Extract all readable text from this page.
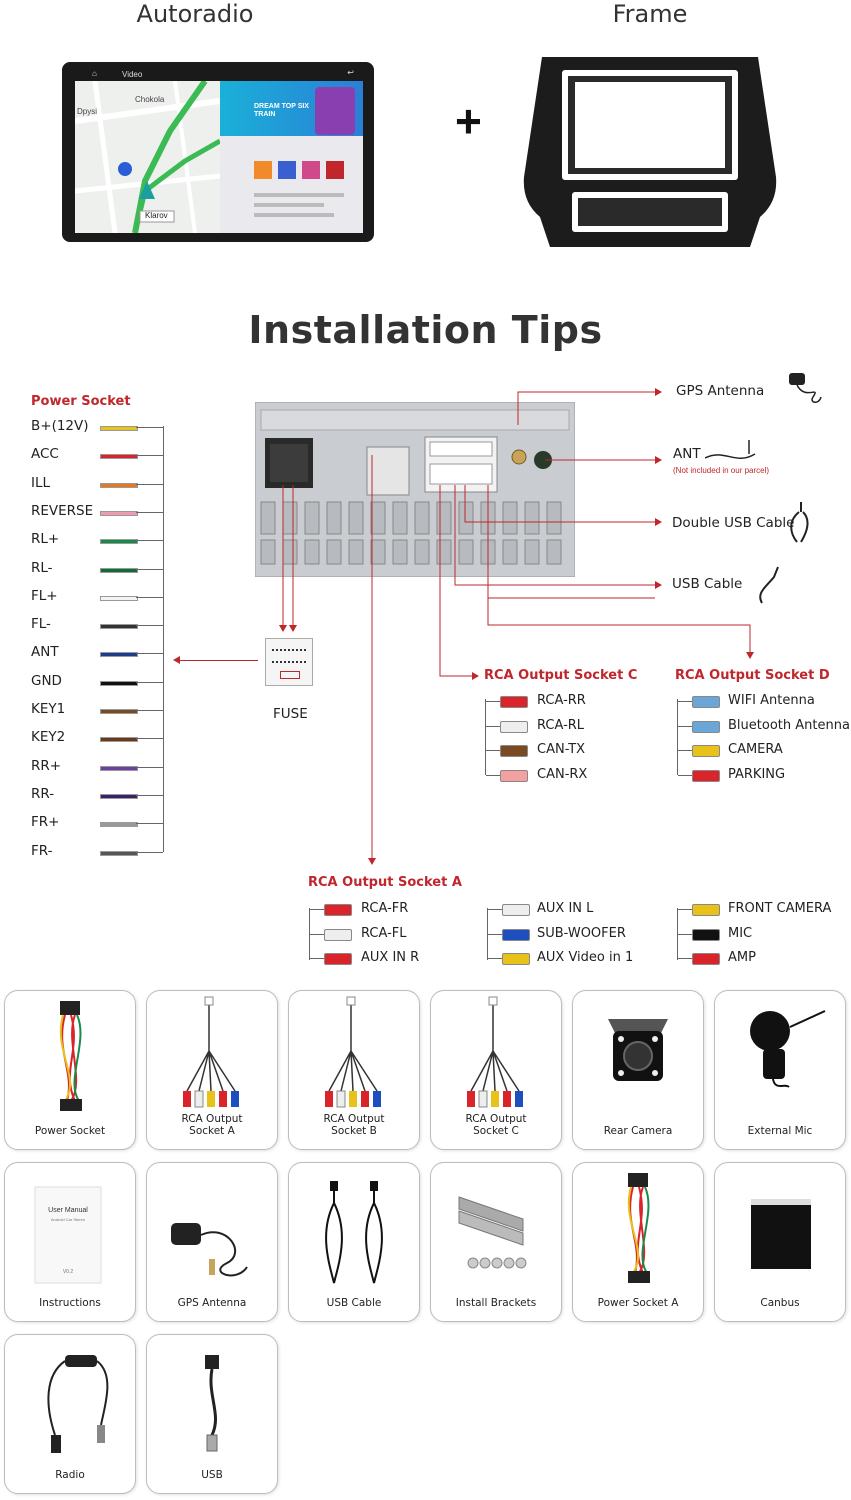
Autoradio	Frame
+
⌂	Video	↩
Chokola
Dpysi
Klarov
DREAM TOP SIX TRAIN
Installation Tips
Power Socket
B+(12V)
ACC
ILL
REVERSE
RL+
RL-
FL+
FL-
ANT
GND
KEY1
KEY2
RR+
RR-
FR+
FR-
FUSE
GPS Antenna
ANT
(Not included in our parcel)
Double USB Cable
USB Cable
RCA Output Socket C
RCA-RR
RCA-RL
CAN-TX
CAN-RX
RCA Output Socket D
WIFI Antenna
Bluetooth Antenna
CAMERA
PARKING
RCA Output Socket A
RCA-FR
RCA-FL
AUX IN R
AUX IN L
SUB-WOOFER
AUX Video in 1
FRONT CAMERA
MIC
AMP
Power Socket
RCA Output
Socket A
RCA Output
Socket B
RCA Output
Socket C	Rear Camera	External Mic
User Manual
Android Car Stereo
V0.2
Instructions	GPS Antenna	USB Cable	Install Brackets	Power Socket A	Canbus
Radio	USB
